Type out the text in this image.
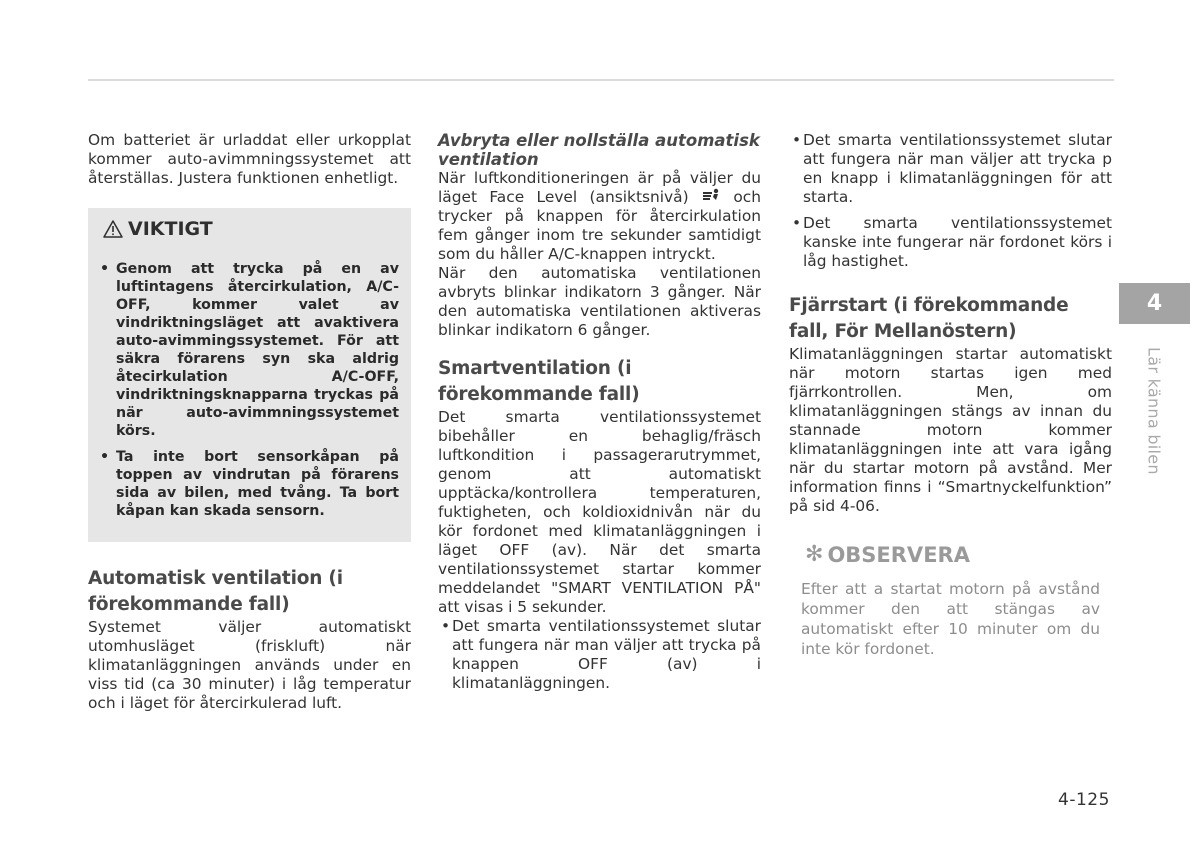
Om batteriet är urladdat eller urkopplat kommer auto-avimmningssystemet att återställas. Justera funktionen enhetligt.

VIKTIGT
• Genom att trycka på en av luftintagens återcirkulation, A/C-OFF, kommer valet av vindriktningsläget att avaktivera auto-avimmingssystemet. För att säkra förarens syn ska aldrig åtecirkulation A/C-OFF, vindriktningsknapparna tryckas på när auto-avimmningssystemet körs.
• Ta inte bort sensorkåpan på toppen av vindrutan på förarens sida av bilen, med tvång. Ta bort kåpan kan skada sensorn.
Automatisk ventilation (i förekommande fall)

Systemet väljer automatiskt utomhusläget (friskluft) när klimatanläggningen används under en viss tid (ca 30 minuter) i låg temperatur och i läget för återcirkulerad luft.

Avbryta eller nollställa automatisk ventilation

När luftkonditioneringen är på väljer du läget Face Level (ansiktsnivå)	och trycker på knappen för återcirkulation fem gånger inom tre sekunder samtidigt som du håller A/C-knappen intryckt.

När den automatiska ventilationen avbryts blinkar indikatorn 3 gånger. När den automatiska ventilationen aktiveras blinkar indikatorn 6 gånger.

Smartventilation (i förekommande fall)

Det smarta ventilationssystemet bibehåller en behaglig/fräsch luftkondition i passagerarutrymmet, genom att automatiskt upptäcka/kontrollera temperaturen, fuktigheten, och koldioxidnivån när du kör fordonet med klimatanläggningen i läget OFF (av). När det smarta ventilationssystemet startar kommer meddelandet "SMART VENTILATION PÅ" att visas i 5 sekunder.

• Det smarta ventilationssystemet slutar att fungera när man väljer att trycka på knappen OFF (av) i klimatanläggningen.
• Det smarta ventilationssystemet slutar att fungera när man väljer att trycka p en knapp i klimatanläggningen för att starta.
• Det smarta ventilationssystemet kanske inte fungerar när fordonet körs i låg hastighet.
Fjärrstart (i förekommande fall, För Mellanöstern)

Klimatanläggningen startar automatiskt när motorn startas igen med fjärrkontrollen. Men, om klimatanläggningen stängs av innan du stannade motorn kommer klimatanläggningen inte att vara igång när du startar motorn på avstånd. Mer information finns i “Smartnyckelfunktion” på sid 4-06.

✻ OBSERVERA

Efter att a startat motorn på avstånd kommer den att stängas av automatiskt efter 10 minuter om du inte kör fordonet.

4
Lär känna bilen
4-125
